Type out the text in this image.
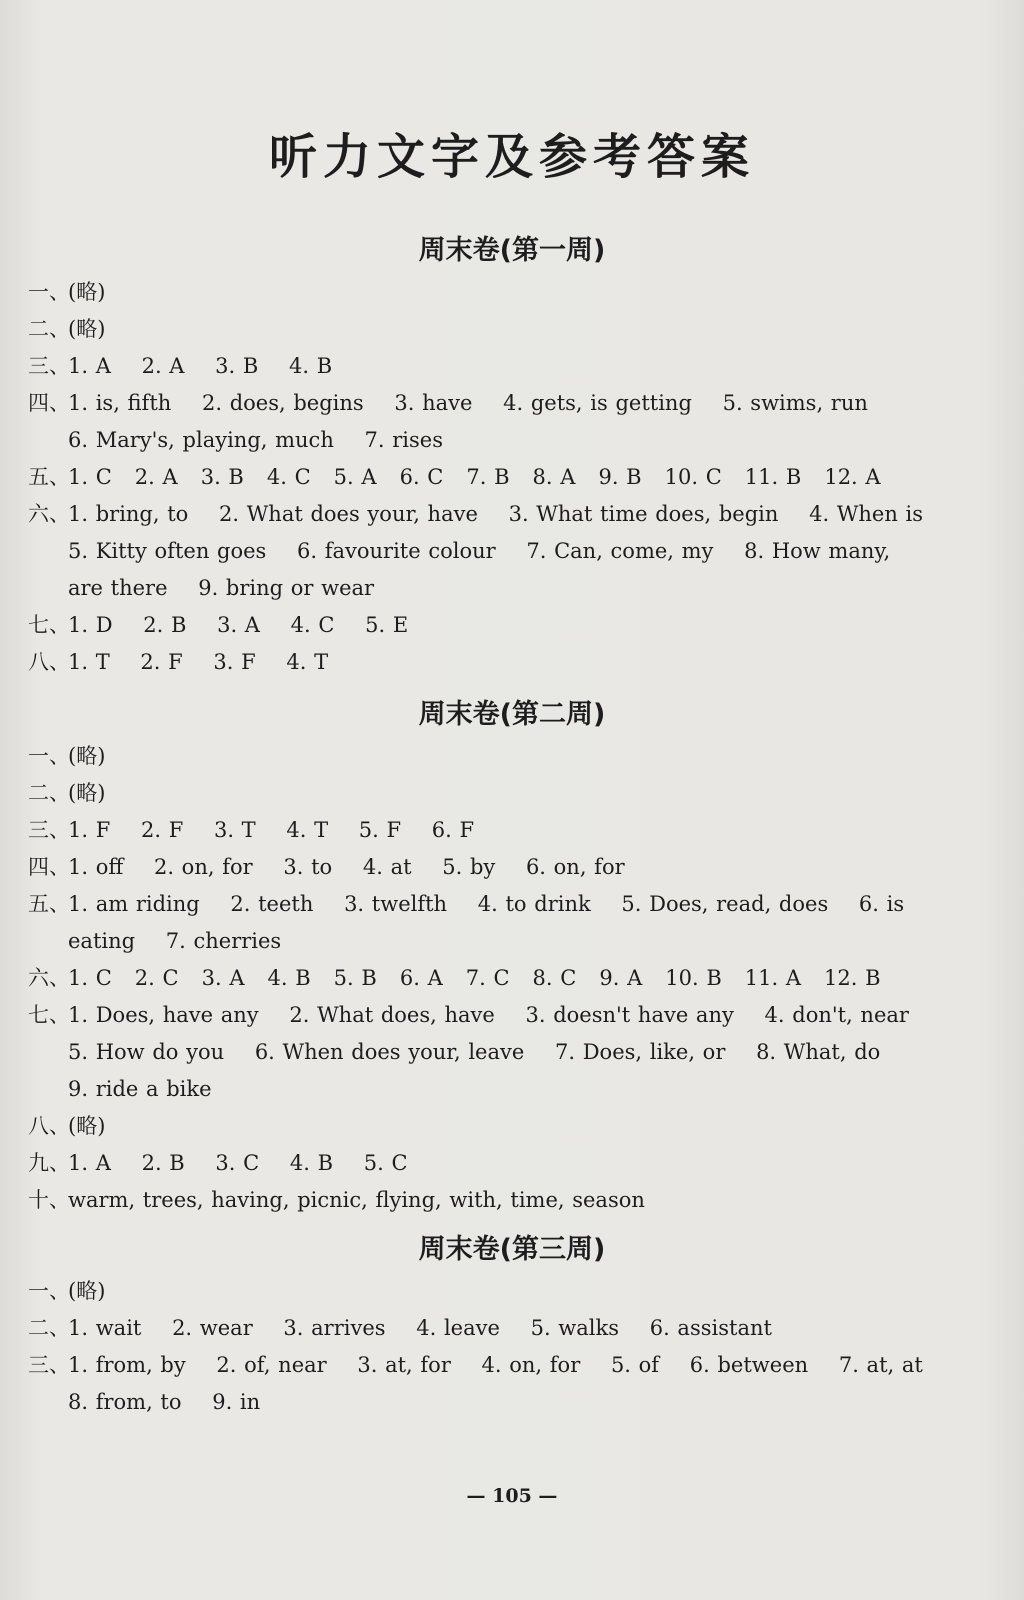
听力文字及参考答案
周末卷(第一周)
一、
(略)
二、
(略)
三、
1. A    2. A    3. B    4. B
四、
1. is, fifth    2. does, begins    3. have    4. gets, is getting    5. swims, run
6. Mary's, playing, much    7. rises
五、
1. C   2. A   3. B   4. C   5. A   6. C   7. B   8. A   9. B   10. C   11. B   12. A
六、
1. bring, to    2. What does your, have    3. What time does, begin    4. When is
5. Kitty often goes    6. favourite colour    7. Can, come, my    8. How many,
are there    9. bring or wear
七、
1. D    2. B    3. A    4. C    5. E
八、
1. T    2. F    3. F    4. T
周末卷(第二周)
一、
(略)
二、
(略)
三、
1. F    2. F    3. T    4. T    5. F    6. F
四、
1. off    2. on, for    3. to    4. at    5. by    6. on, for
五、
1. am riding    2. teeth    3. twelfth    4. to drink    5. Does, read, does    6. is
eating    7. cherries
六、
1. C   2. C   3. A   4. B   5. B   6. A   7. C   8. C   9. A   10. B   11. A   12. B
七、
1. Does, have any    2. What does, have    3. doesn't have any    4. don't, near
5. How do you    6. When does your, leave    7. Does, like, or    8. What, do
9. ride a bike
八、
(略)
九、
1. A    2. B    3. C    4. B    5. C
十、
warm, trees, having, picnic, flying, with, time, season
周末卷(第三周)
一、
(略)
二、
1. wait    2. wear    3. arrives    4. leave    5. walks    6. assistant
三、
1. from, by    2. of, near    3. at, for    4. on, for    5. of    6. between    7. at, at
8. from, to    9. in
— 105 —
